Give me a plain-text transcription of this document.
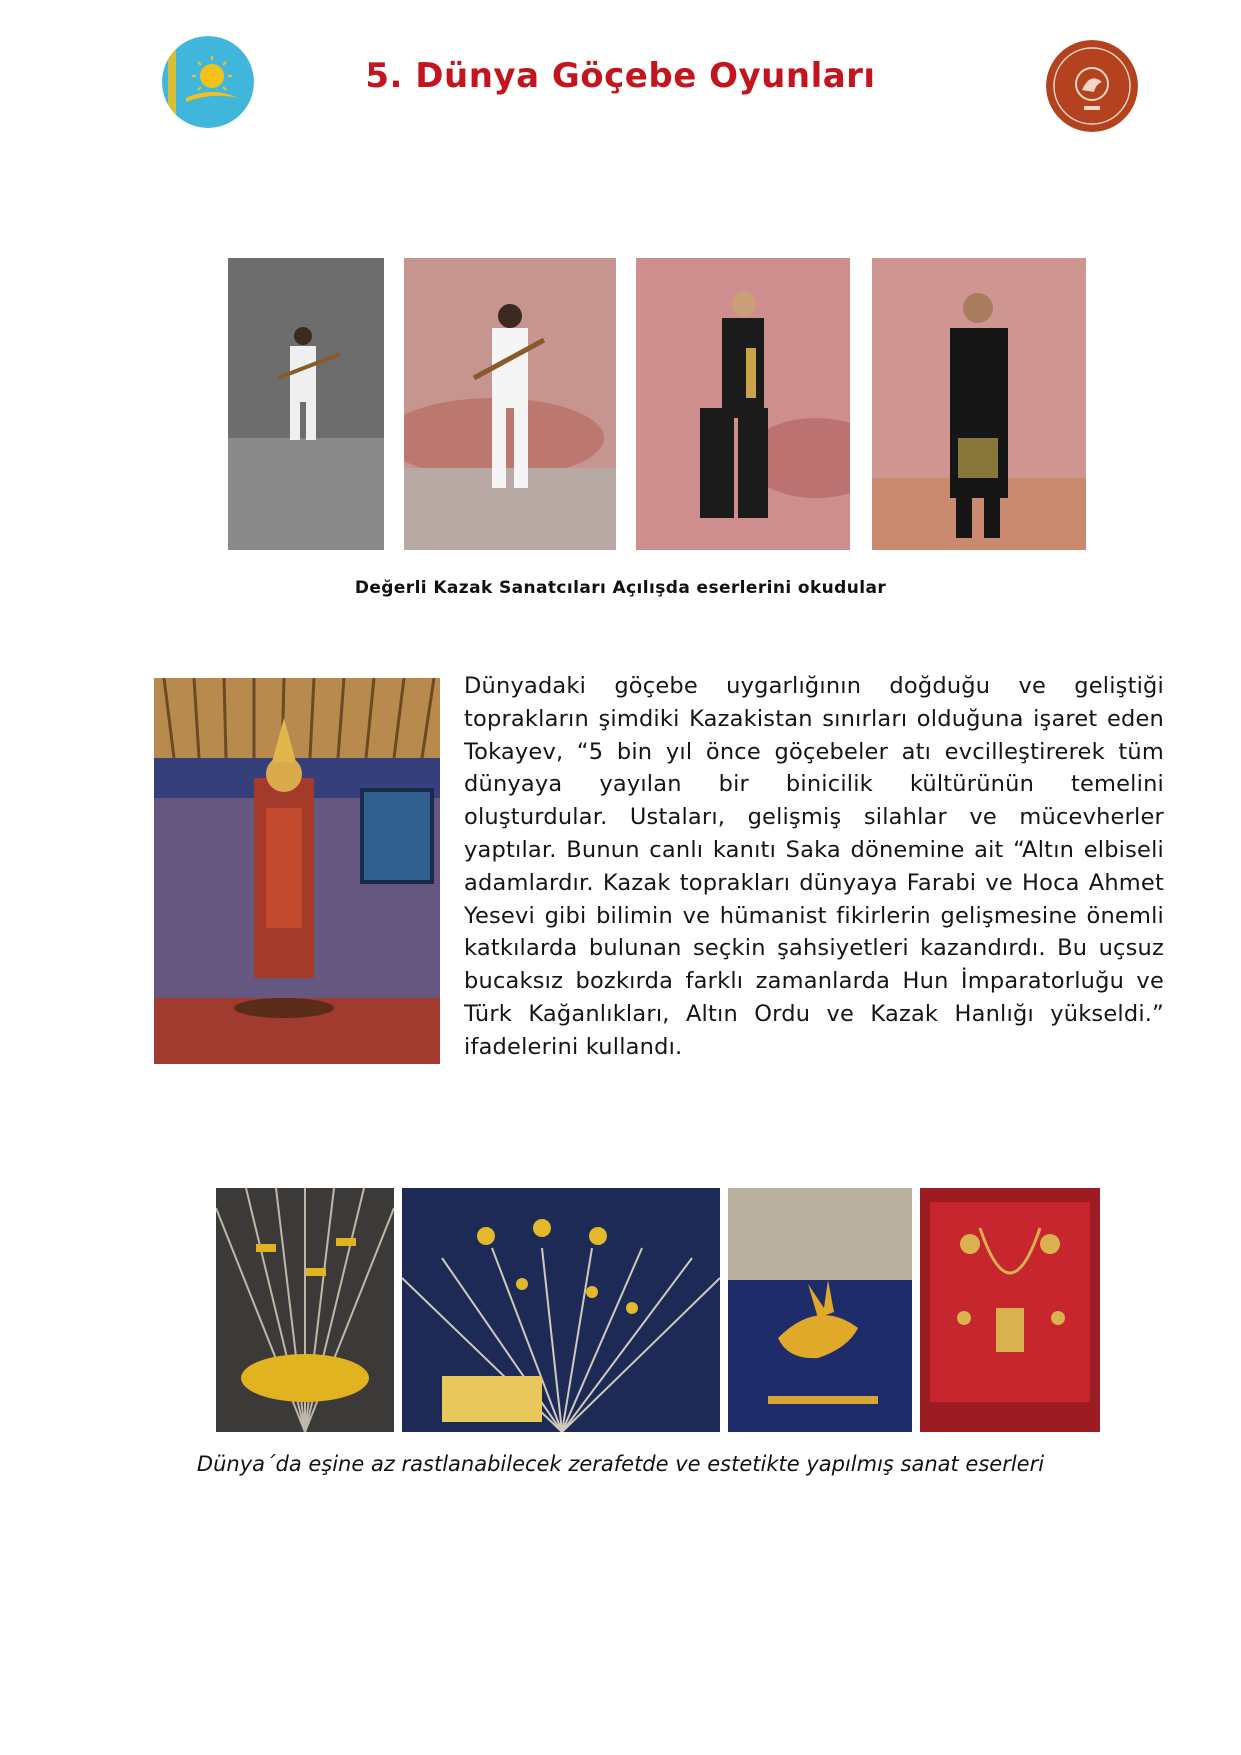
5. Dünya Göçebe Oyunları
Değerli Kazak Sanatcıları Açılışda eserlerini okudular
Dünyadaki göçebe uygarlığının doğduğu ve geliştiği toprakların şimdiki Kazakistan sınırları olduğuna işaret eden Tokayev, “5 bin yıl önce göçebeler atı evcilleştirerek tüm dünyaya yayılan bir binicilik kültürünün temelini oluşturdular. Ustaları, gelişmiş silahlar ve mücevherler yaptılar. Bunun canlı kanıtı Saka dönemine ait “Altın elbiseli adamlardır. Kazak toprakları dünyaya Farabi ve Hoca Ahmet Yesevi gibi bilimin ve hümanist fikirlerin gelişmesine önemli katkılarda bulunan seçkin şahsiyetleri kazandırdı. Bu uçsuz bucaksız bozkırda farklı zamanlarda Hun İmparatorluğu ve Türk Kağanlıkları, Altın Ordu ve Kazak Hanlığı yükseldi.” ifadelerini kullandı.
Dünya´da eşine az rastlanabilecek zerafetde ve estetikte yapılmış sanat eserleri
